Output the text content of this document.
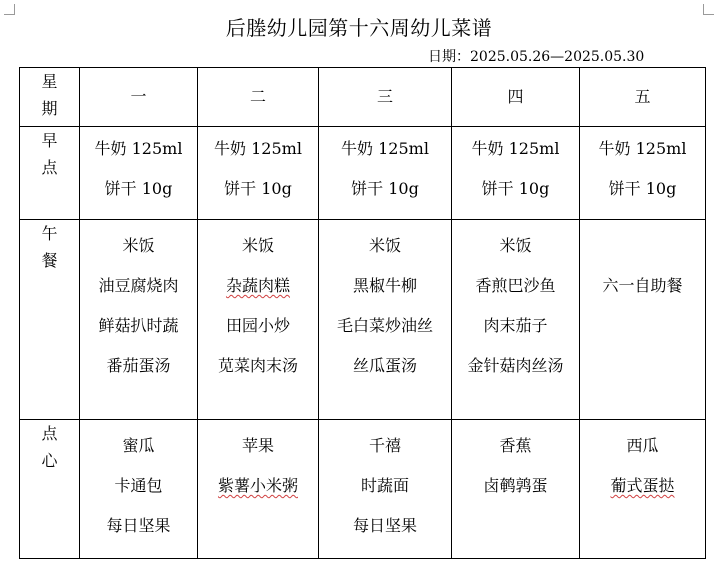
后塍幼儿园第十六周幼儿菜谱
日期：2025.05.26—2025.05.30
星
期	一	二	三	四	五

早
点	牛奶 125ml
饼干 10g	牛奶 125ml
饼干 10g	牛奶 125ml
饼干 10g	牛奶 125ml
饼干 10g	牛奶 125ml
饼干 10g

午
餐	米饭
油豆腐烧肉
鲜菇扒时蔬
番茄蛋汤	米饭
杂蔬肉糕
田园小炒
苋菜肉末汤	米饭
黑椒牛柳
毛白菜炒油丝
丝瓜蛋汤	米饭
香煎巴沙鱼
肉末茄子
金针菇肉丝汤	六一自助餐

点
心	蜜瓜
卡通包
每日坚果	苹果
紫薯小米粥	千禧
时蔬面
每日坚果	香蕉
卤鹌鹑蛋	西瓜
葡式蛋挞
